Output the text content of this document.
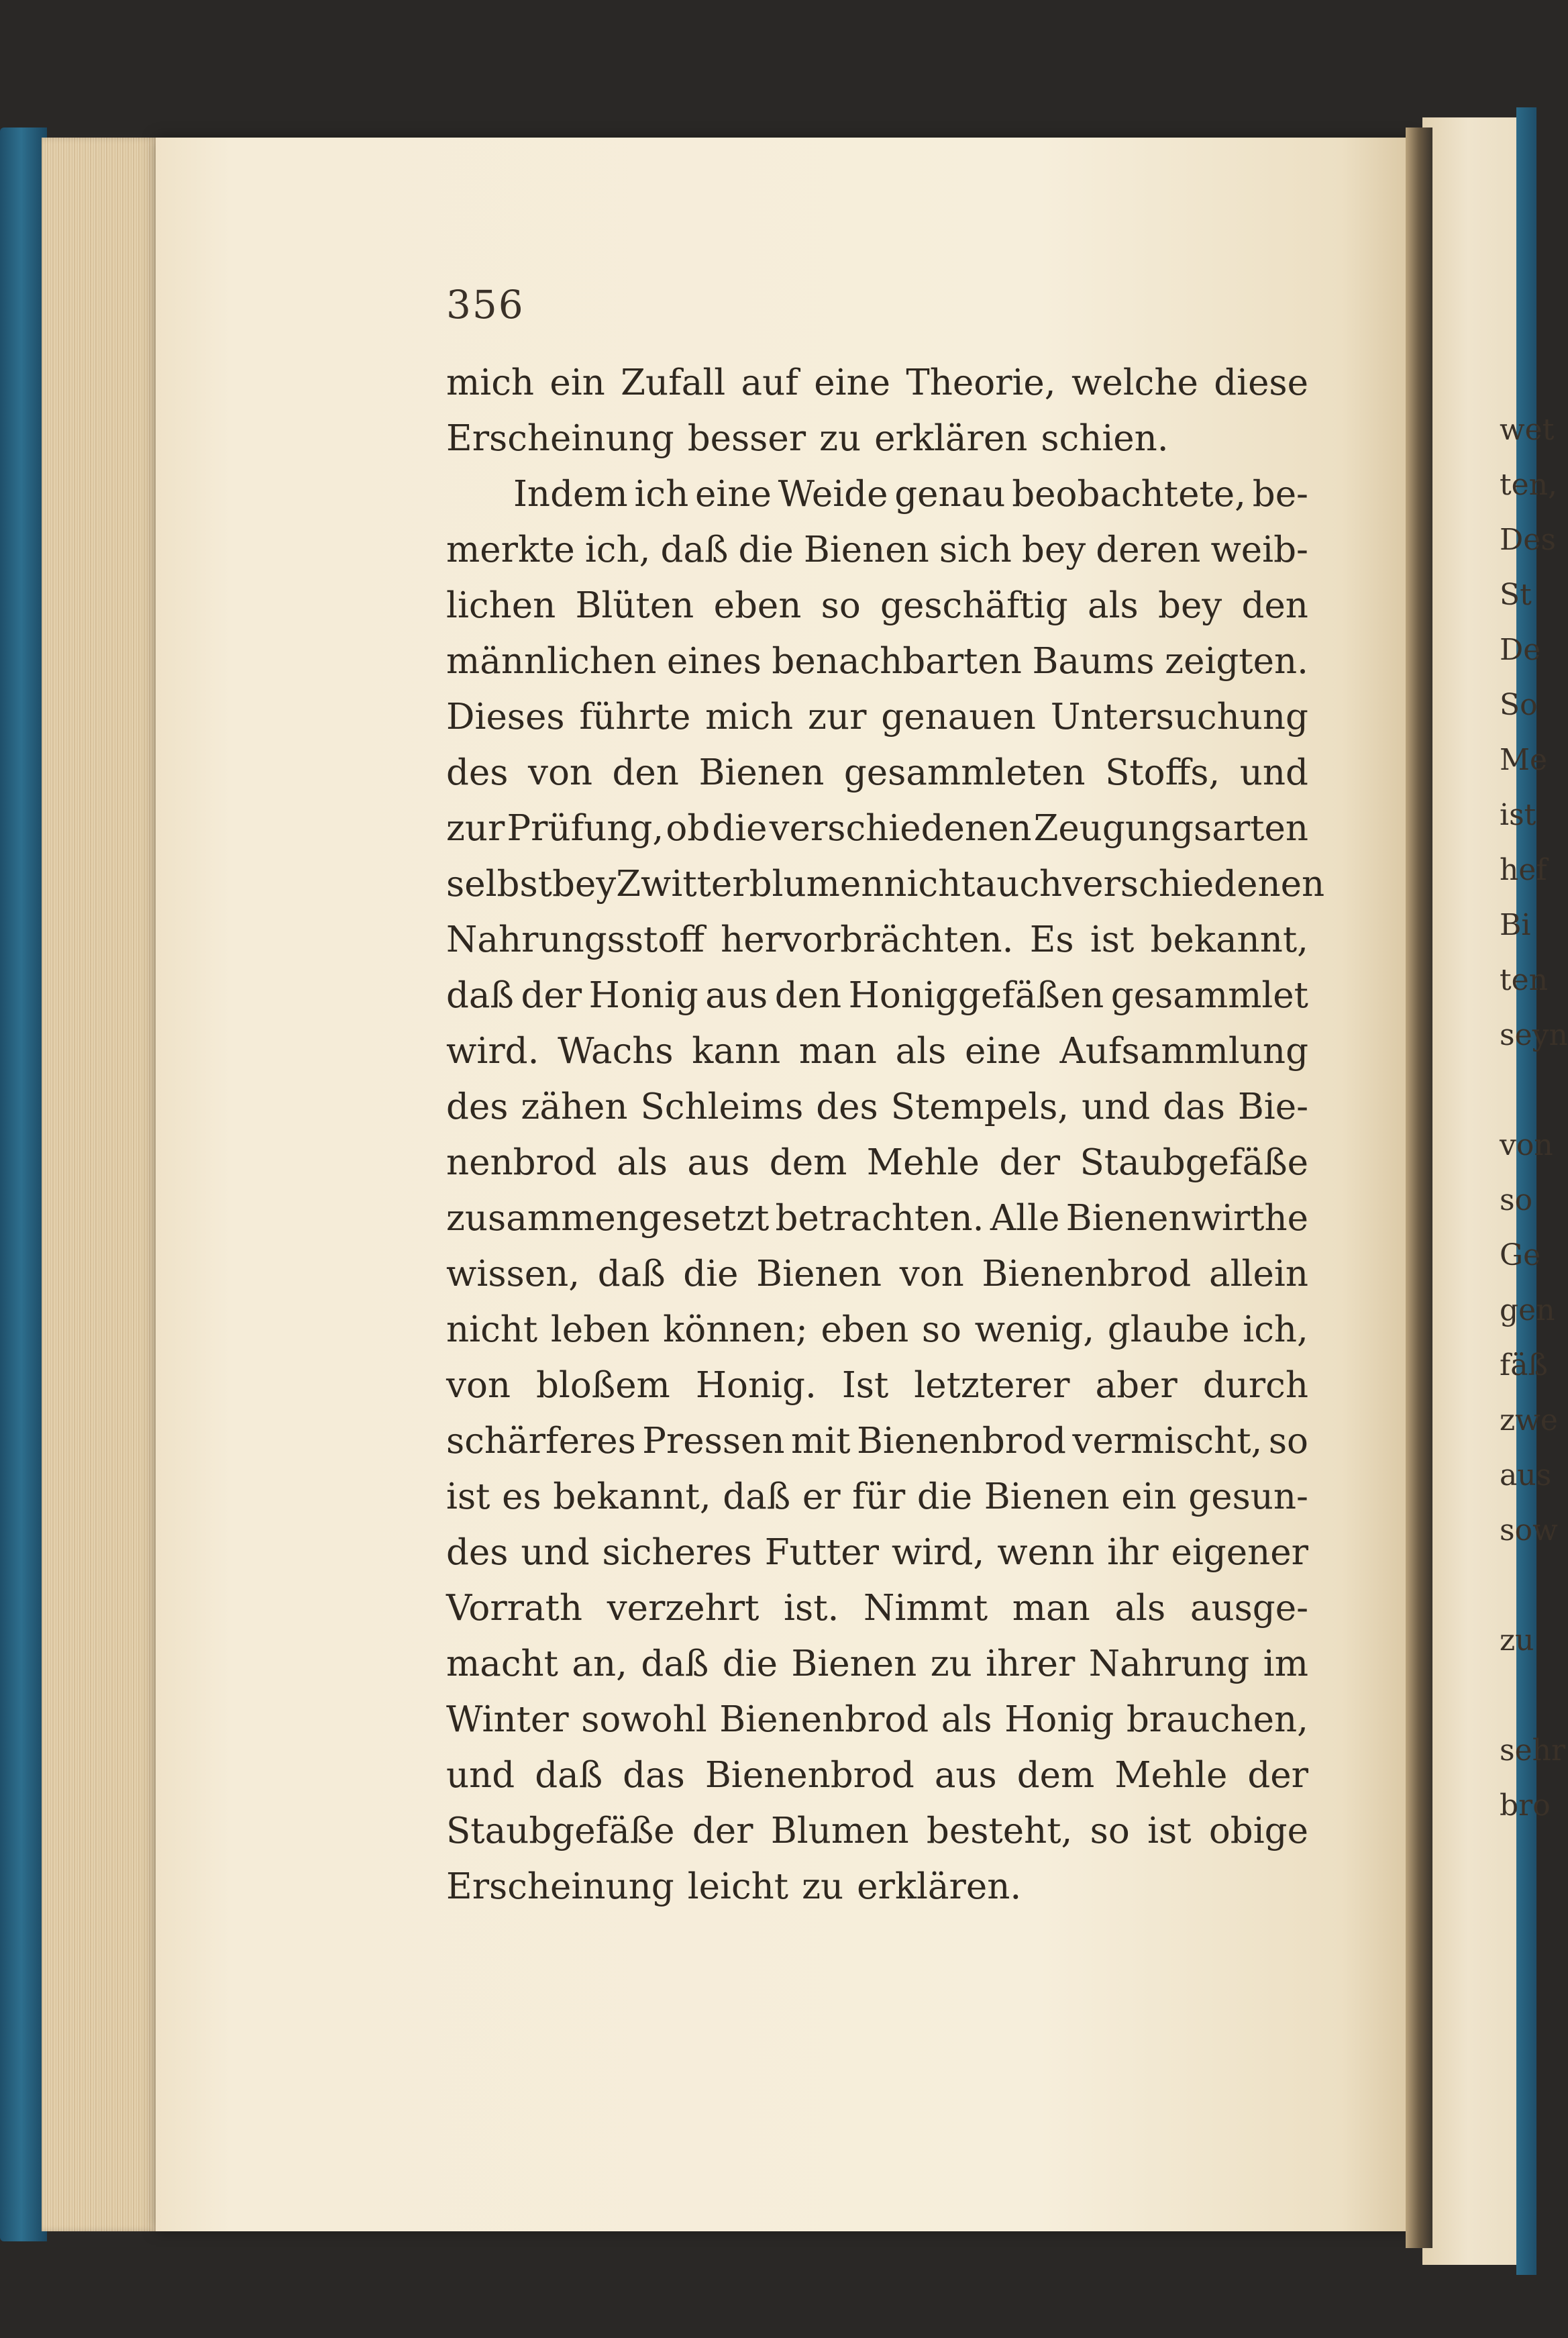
356
mich ein Zufall auf eine Theorie, welche diese
Erscheinung besser zu erklären schien.
Indem ich eine Weide genau beobachtete, be-
merkte ich, daß die Bienen sich bey deren weib-
lichen Blüten eben so geschäftig als bey den
männlichen eines benachbarten Baums zeigten.
Dieses führte mich zur genauen Untersuchung
des von den Bienen gesammleten Stoffs, und
zur Prüfung, ob die verschiedenen Zeugungsarten
selbst bey Zwitterblumen nicht auch verschiedenen
Nahrungsstoff hervorbrächten. Es ist bekannt,
daß der Honig aus den Honiggefäßen gesammlet
wird. Wachs kann man als eine Aufsammlung
des zähen Schleims des Stempels, und das Bie-
nenbrod als aus dem Mehle der Staubgefäße
zusammengesetzt betrachten. Alle Bienenwirthe
wissen, daß die Bienen von Bienenbrod allein
nicht leben können; eben so wenig, glaube ich,
von bloßem Honig. Ist letzterer aber durch
schärferes Pressen mit Bienenbrod vermischt, so
ist es bekannt, daß er für die Bienen ein gesun-
des und sicheres Futter wird, wenn ihr eigener
Vorrath verzehrt ist. Nimmt man als ausge-
macht an, daß die Bienen zu ihrer Nahrung im
Winter sowohl Bienenbrod als Honig brauchen,
und daß das Bienenbrod aus dem Mehle der
Staubgefäße der Blumen besteht, so ist obige
Erscheinung leicht zu erklären.
wet
ten,
Des
St
De
So
Me
ist
hef
Bi
ten
seyn
von
so
Ge
gen
fäß
zwe
aus
sow
zu
sehr
bro
